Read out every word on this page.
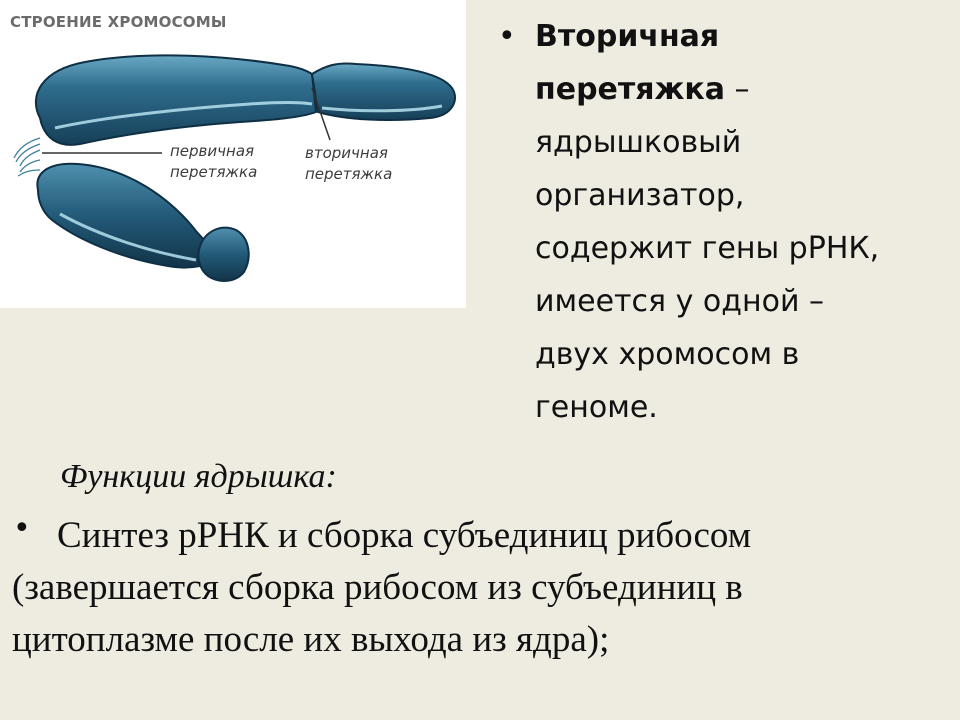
СТРОЕНИЕ ХРОМОСОМЫ
первичная
перетяжка
вторичная
перетяжка
• Вторичная
перетяжка –
ядрышковый
организатор,
содержит гены рРНК,
имеется у одной –
двух хромосом в
геноме.
Функции ядрышка:
• Синтез рРНК и сборка субъединиц рибосом
(завершается сборка рибосом из субъединиц в
цитоплазме после их выхода из ядра);
